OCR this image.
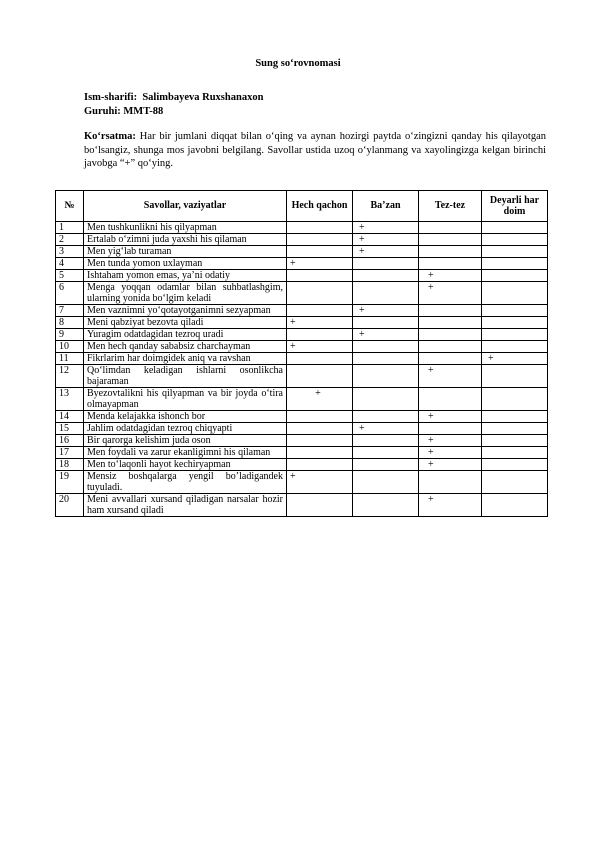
Sung so‘rovnomasi
Ism-sharifi: Salimbayeva Ruxshanaxon
Guruhi: MMT-88
Ko‘rsatma: Har bir jumlani diqqat bilan o‘qing va aynan hozirgi paytda o‘zingizni qanday his qilayotgan bo‘lsangiz, shunga mos javobni belgilang. Savollar ustida uzoq o‘ylanmang va xayolingizga kelgan birinchi javobga “+” qo‘ying.
№	Savollar, vaziyatlar	Hech qachon	Ba’zan	Tez-tez	Deyarli har doim
1	Men tushkunlikni his qilyapman		+		
2	Ertalab o‘zimni juda yaxshi his qilaman		+		
3	Men yig‘lab turaman		+		
4	Men tunda yomon uxlayman	+			
5	Ishtaham yomon emas, ya’ni odatiy			+	
6	Menga yoqqan odamlar bilan suhbatlashgim, ularning yonida bo‘lgim keladi			+	
7	Men vaznimni yo‘qotayotganimni sezyapman		+		
8	Meni qabziyat bezovta qiladi	+			
9	Yuragim odatdagidan tezroq uradi		+		
10	Men hech qanday sababsiz charchayman	+			
11	Fikrlarim har doimgidek aniq va ravshan				+
12	Qo‘limdan keladigan ishlarni osonlikcha bajaraman			+	
13	Byezovtalikni his qilyapman va bir joyda o‘tira olmayapman	+			
14	Menda kelajakka ishonch bor			+	
15	Jahlim odatdagidan tezroq chiqyapti		+		
16	Bir qarorga kelishim juda oson			+	
17	Men foydali va zarur ekanligimni his qilaman			+	
18	Men to‘laqonli hayot kechiryapman			+	
19	Mensiz boshqalarga yengil bo’ladigandek tuyuladi.	+			
20	Meni avvallari xursand qiladigan narsalar hozir ham xursand qiladi			+	
